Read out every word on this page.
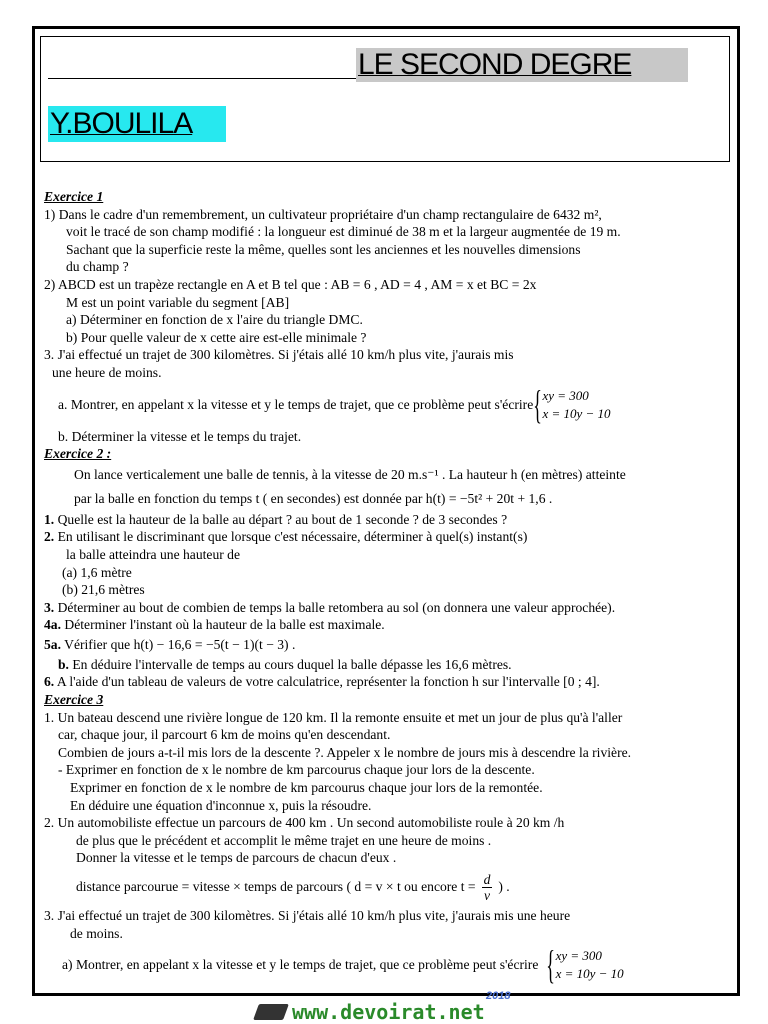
LE SECOND DEGRE
Y.BOULILA
Exercice 1
1) Dans le cadre d'un remembrement, un cultivateur propriétaire d'un champ rectangulaire de 6432 m²,
voit le tracé de son champ modifié : la longueur est diminué de 38 m et la largeur augmentée de 19 m.
Sachant que la superficie reste la même, quelles sont les anciennes et les nouvelles dimensions
du champ ?
2) ABCD est un trapèze rectangle en A et B tel que : AB = 6 , AD = 4 , AM = x et BC = 2x
M est un point variable du segment [AB]
a) Déterminer en fonction de x l'aire du triangle DMC.
b) Pour quelle valeur de x cette aire est-elle minimale ?
3. J'ai effectué un trajet de 300 kilomètres. Si j'étais allé 10 km/h plus vite, j'aurais mis
une heure de moins.
a. Montrer, en appelant x la vitesse et y le temps de trajet, que ce problème peut s'écrire { xy = 300
x = 10y − 10
b. Déterminer la vitesse et le temps du trajet.
Exercice 2 :
On lance verticalement une balle de tennis, à la vitesse de 20 m.s⁻¹ . La hauteur h (en mètres) atteinte
par la balle en fonction du temps t ( en secondes) est donnée par h(t) = −5t² + 20t + 1,6 .
1. Quelle est la hauteur de la balle au départ ? au bout de 1 seconde ? de 3 secondes ?
2. En utilisant le discriminant que lorsque c'est nécessaire, déterminer à quel(s) instant(s)
la balle atteindra une hauteur de
(a) 1,6 mètre
(b) 21,6 mètres
3. Déterminer au bout de combien de temps la balle retombera au sol (on donnera une valeur approchée).
4a. Déterminer l'instant où la hauteur de la balle est maximale.
5a. Vérifier que h(t) − 16,6 = −5(t − 1)(t − 3) .
b. En déduire l'intervalle de temps au cours duquel la balle dépasse les 16,6 mètres.
6. A l'aide d'un tableau de valeurs de votre calculatrice, représenter la fonction h sur l'intervalle [0 ; 4].
Exercice 3
1. Un bateau descend une rivière longue de 120 km. Il la remonte ensuite et met un jour de plus qu'à l'aller
car, chaque jour, il parcourt 6 km de moins qu'en descendant.
Combien de jours a-t-il mis lors de la descente ?. Appeler x le nombre de jours mis à descendre la rivière.
- Exprimer en fonction de x le nombre de km parcourus chaque jour lors de la descente.
Exprimer en fonction de x le nombre de km parcourus chaque jour lors de la remontée.
En déduire une équation d'inconnue x, puis la résoudre.
2. Un automobiliste effectue un parcours de 400 km . Un second automobiliste roule à 20 km /h
de plus que le précédent et accomplit le même trajet en une heure de moins .
Donner la vitesse et le temps de parcours de chacun d'eux .
distance parcourue = vitesse × temps de parcours ( d = v × t ou encore $t = \frac{d}{v}$ ) .
3. J'ai effectué un trajet de 300 kilomètres. Si j'étais allé 10 km/h plus vite, j'aurais mis une heure
de moins.
a) Montrer, en appelant x la vitesse et y le temps de trajet, que ce problème peut s'écrire { xy = 300
x = 10y − 10
www.devoirat.net
2018
